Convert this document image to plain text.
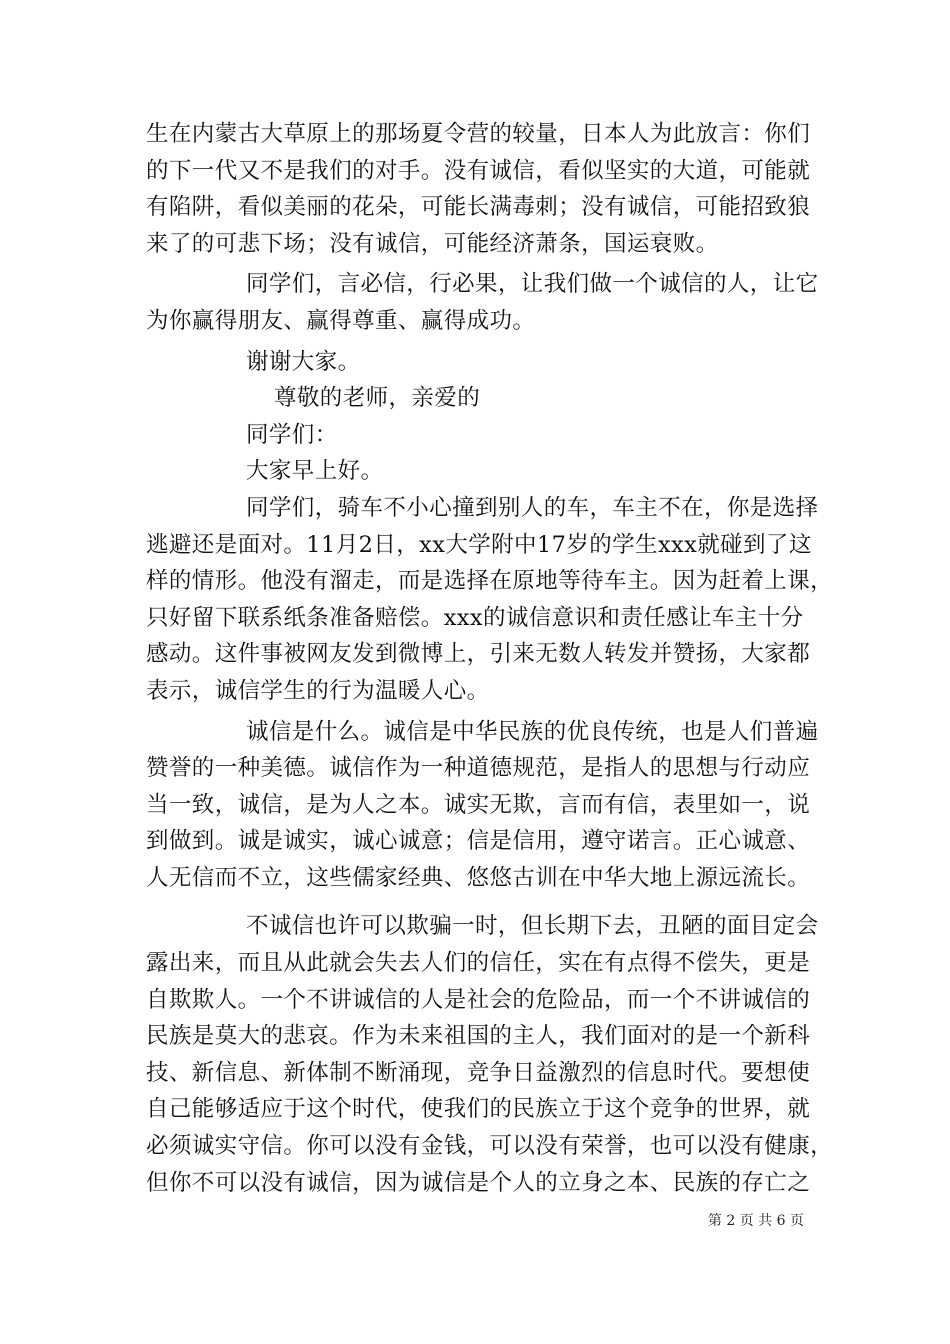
生在内蒙古大草原上的那场夏令营的较量，日本人为此放言：你们
的下一代又不是我们的对手。没有诚信，看似坚实的大道，可能就
有陷阱，看似美丽的花朵，可能长满毒刺；没有诚信，可能招致狼
来了的可悲下场；没有诚信，可能经济萧条，国运衰败。
同学们，言必信，行必果，让我们做一个诚信的人，让它
为你赢得朋友、赢得尊重、赢得成功。
谢谢大家。
尊敬的老师，亲爱的
同学们：
大家早上好。
同学们，骑车不小心撞到别人的车，车主不在，你是选择
逃避还是面对。11月2日，xx大学附中17岁的学生xxx就碰到了这
样的情形。他没有溜走，而是选择在原地等待车主。因为赶着上课，
只好留下联系纸条准备赔偿。xxx的诚信意识和责任感让车主十分
感动。这件事被网友发到微博上，引来无数人转发并赞扬，大家都
表示，诚信学生的行为温暖人心。
诚信是什么。诚信是中华民族的优良传统，也是人们普遍
赞誉的一种美德。诚信作为一种道德规范，是指人的思想与行动应
当一致，诚信，是为人之本。诚实无欺，言而有信，表里如一，说
到做到。诚是诚实，诚心诚意；信是信用，遵守诺言。正心诚意、
人无信而不立，这些儒家经典、悠悠古训在中华大地上源远流长。
不诚信也许可以欺骗一时，但长期下去，丑陋的面目定会
露出来，而且从此就会失去人们的信任，实在有点得不偿失，更是
自欺欺人。一个不讲诚信的人是社会的危险品，而一个不讲诚信的
民族是莫大的悲哀。作为未来祖国的主人，我们面对的是一个新科
技、新信息、新体制不断涌现，竞争日益激烈的信息时代。要想使
自己能够适应于这个时代，使我们的民族立于这个竞争的世界，就
必须诚实守信。你可以没有金钱，可以没有荣誉，也可以没有健康，
但你不可以没有诚信，因为诚信是个人的立身之本、民族的存亡之
第 2 页 共 6 页
